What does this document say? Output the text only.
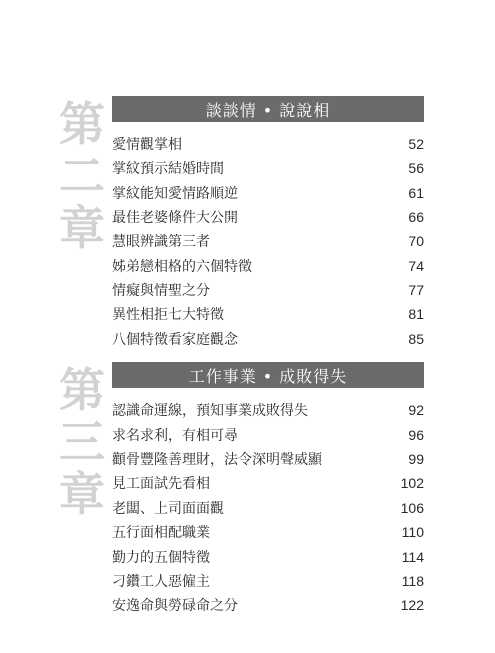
第
二
章
談談情 • 說說相
愛情觀掌相	52
掌紋預示結婚時間	56
掌紋能知愛情路順逆	61
最佳老婆條件大公開	66
慧眼辨識第三者	70
姊弟戀相格的六個特徵	74
情癡與情聖之分	77
異性相拒七大特徵	81
八個特徵看家庭觀念	85
第
三
章
工作事業 • 成敗得失
認識命運線，預知事業成敗得失	92
求名求利，有相可尋	96
顴骨豐隆善理財，法令深明聲威顯	99
見工面試先看相	102
老闆、上司面面觀	106
五行面相配職業	110
勤力的五個特徵	114
刁鑽工人惡僱主	118
安逸命與勞碌命之分	122
